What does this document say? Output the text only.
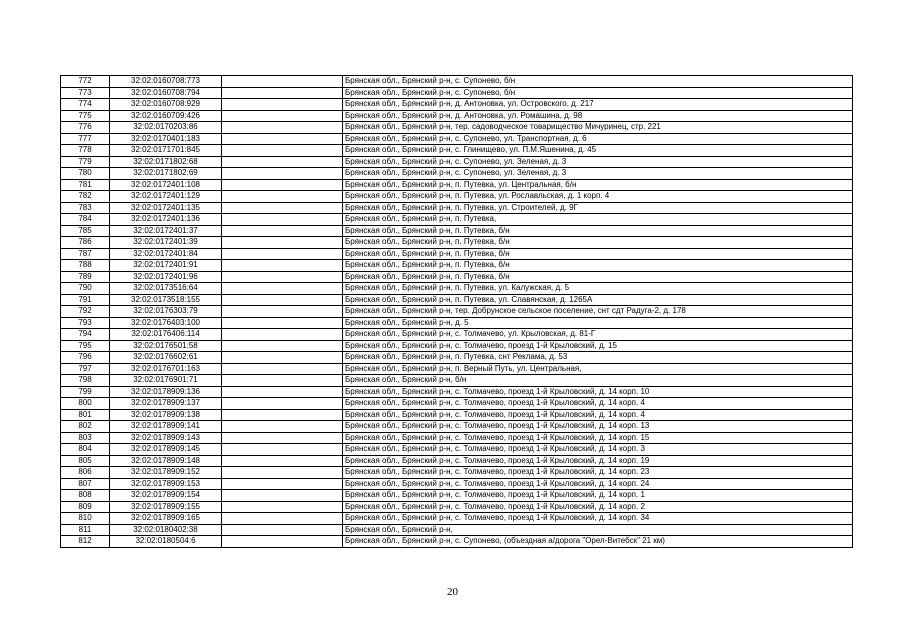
772	32:02:0160708:773		Брянская обл., Брянский р-н, с. Супонево, б/н
773	32:02:0160708:794		Брянская обл., Брянский р-н, с. Супонево, б/н
774	32:02:0160708:929		Брянская обл., Брянский р-н, д. Антоновка, ул. Островского, д. 217
775	32:02:0160709:426		Брянская обл., Брянский р-н, д. Антоновка, ул. Ромашина, д. 98
776	32:02:0170203:86		Брянская обл., Брянский р-н, тер. садоводческое товарищество Мичуринец, стр. 221
777	32:02:0170401:183		Брянская обл., Брянский р-н, с. Супонево, ул. Транспортная, д. 6
778	32:02:0171701:845		Брянская обл., Брянский р-н, с. Глинищево, ул. П.М.Яшенина, д. 45
779	32:02:0171802:68		Брянская обл., Брянский р-н, с. Супонево, ул. Зеленая, д. 3
780	32:02:0171802:69		Брянская обл., Брянский р-н, с. Супонево, ул. Зеленая, д. 3
781	32:02:0172401:108		Брянская обл., Брянский р-н, п. Путевка, ул. Центральная, б/н
782	32:02:0172401:129		Брянская обл., Брянский р-н, п. Путевка, ул. Рославльская, д. 1 корп. 4
783	32:02:0172401:135		Брянская обл., Брянский р-н, п. Путевка, ул. Строителей, д. 9Г
784	32:02:0172401:136		Брянская обл., Брянский р-н, п. Путевка,
785	32:02:0172401:37		Брянская обл., Брянский р-н, п. Путевка, б/н
786	32:02:0172401:39		Брянская обл., Брянский р-н, п. Путевка, б/н
787	32:02:0172401:84		Брянская обл., Брянский р-н, п. Путевка, б/н
788	32:02:0172401:91		Брянская обл., Брянский р-н, п. Путевка, б/н
789	32:02:0172401:96		Брянская обл., Брянский р-н, п. Путевка, б/н
790	32:02:0173516:64		Брянская обл., Брянский р-н, п. Путевка, ул. Калужская, д. 5
791	32:02:0173518:155		Брянская обл., Брянский р-н, п. Путевка, ул. Славянская, д. 1265А
792	32:02:0176303:79		Брянская обл., Брянский р-н, тер. Добрунское сельское поселение, снт сдт Радуга-2, д. 178
793	32:02:0176403:100		Брянская обл., Брянский р-н, д. 5
794	32:02:0176406:114		Брянская обл., Брянский р-н, с. Толмачево, ул. Крыловская, д. 81-Г
795	32:02:0176501:58		Брянская обл., Брянский р-н, с. Толмачево, проезд 1-й Крыловский, д. 15
796	32:02:0176602:61		Брянская обл., Брянский р-н, п. Путевка, снт Реклама, д. 53
797	32:02:0176701:163		Брянская обл., Брянский р-н, п. Верный Путь, ул. Центральная,
798	32:02:0176901:71		Брянская обл., Брянский р-н, б/н
799	32:02:0178909:136		Брянская обл., Брянский р-н, с. Толмачево, проезд 1-й Крыловский, д. 14 корп. 10
800	32:02:0178909:137		Брянская обл., Брянский р-н, с. Толмачево, проезд 1-й Крыловский, д. 14 корп. 4
801	32:02:0178909:138		Брянская обл., Брянский р-н, с. Толмачево, проезд 1-й Крыловский, д. 14 корп. 4
802	32:02:0178909:141		Брянская обл., Брянский р-н, с. Толмачево, проезд 1-й Крыловский, д. 14 корп. 13
803	32:02:0178909:143		Брянская обл., Брянский р-н, с. Толмачево, проезд 1-й Крыловский, д. 14 корп. 15
804	32:02:0178909:145		Брянская обл., Брянский р-н, с. Толмачево, проезд 1-й Крыловский, д. 14 корп. 3
805	32:02:0178909:148		Брянская обл., Брянский р-н, с. Толмачево, проезд 1-й Крыловский, д. 14 корп. 19
806	32:02:0178909:152		Брянская обл., Брянский р-н, с. Толмачево, проезд 1-й Крыловский, д. 14 корп. 23
807	32:02:0178909:153		Брянская обл., Брянский р-н, с. Толмачево, проезд 1-й Крыловский, д. 14 корп. 24
808	32:02:0178909:154		Брянская обл., Брянский р-н, с. Толмачево, проезд 1-й Крыловский, д. 14 корп. 1
809	32:02:0178909:155		Брянская обл., Брянский р-н, с. Толмачево, проезд 1-й Крыловский, д. 14 корп. 2
810	32:02:0178909:165		Брянская обл., Брянский р-н, с. Толмачево, проезд 1-й Крыловский, д. 14 корп. 34
811	32:02:0180402:38		Брянская обл., Брянский р-н,
812	32:02:0180504:6		Брянская обл., Брянский р-н, с. Супонево, (объездная а/дорога "Орел-Витебск" 21 км)
20
